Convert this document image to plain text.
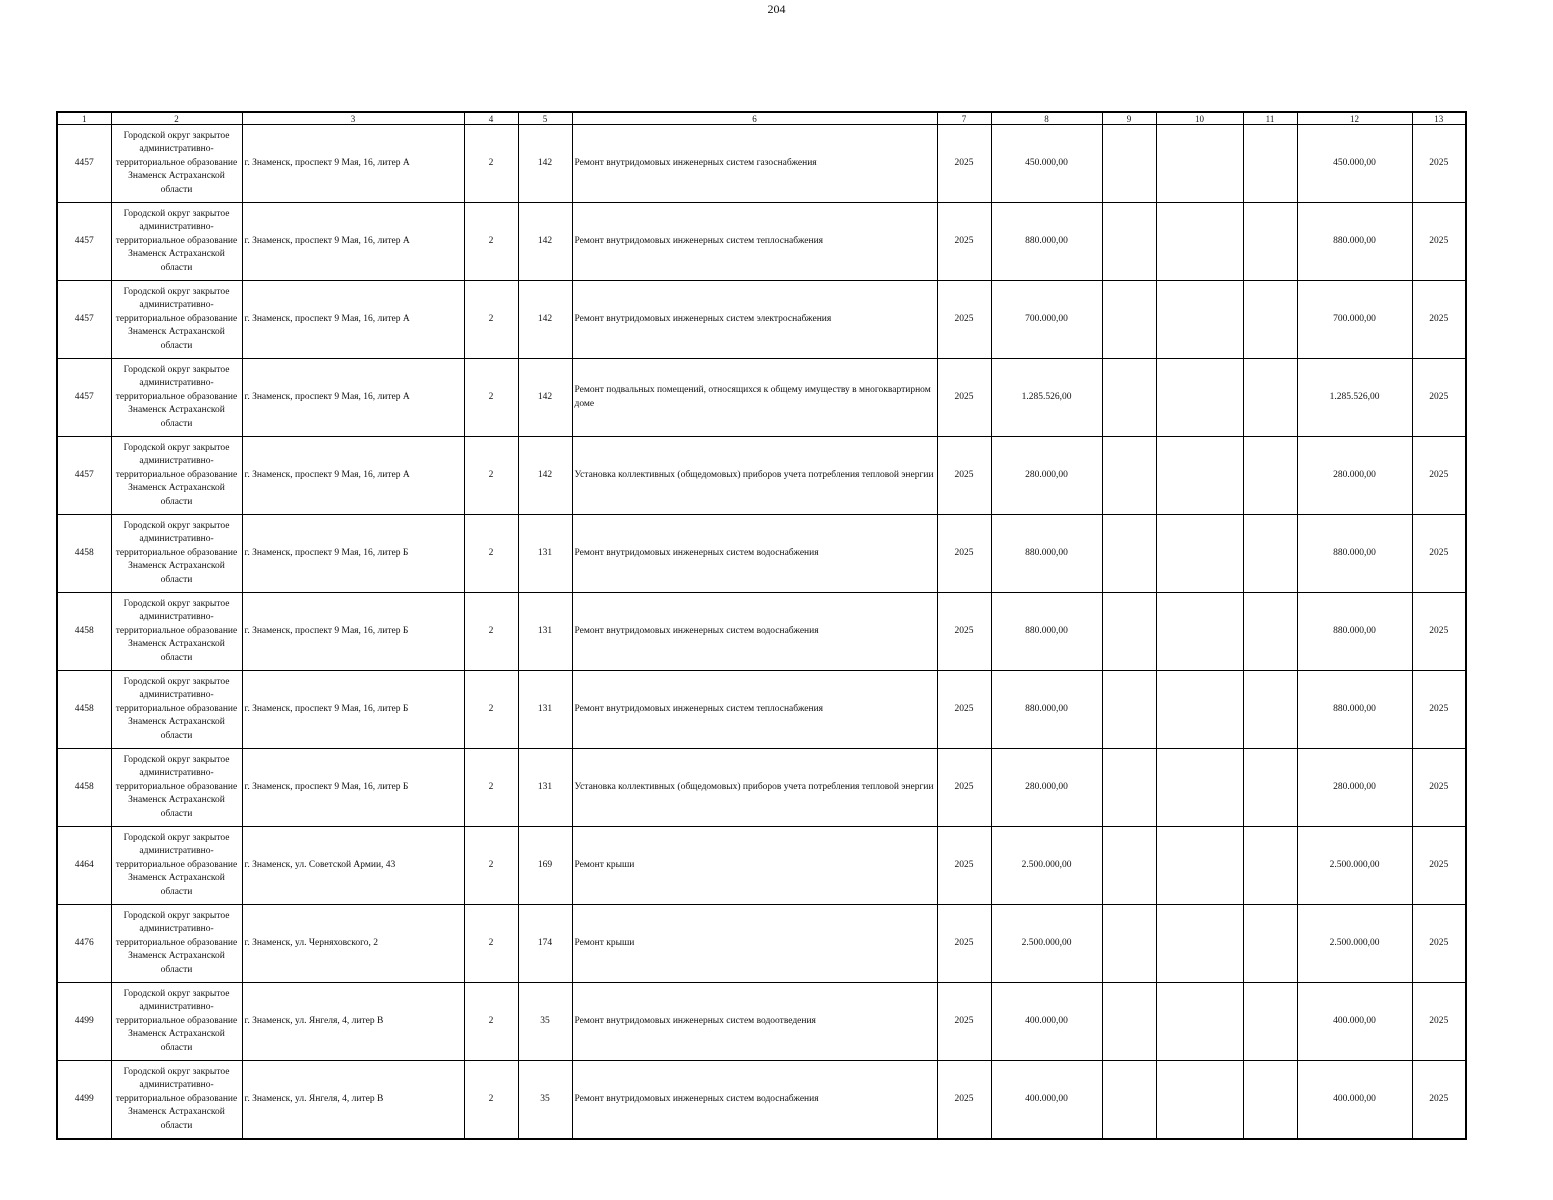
204
1	2	3	4	5	6	7	8	9	10	11	12	13
4457	Городской округ закрытое административно-территориальное образование Знаменск Астраханской области	г. Знаменск, проспект 9 Мая, 16, литер А	2	142	Ремонт внутридомовых инженерных систем газоснабжения	2025	450.000,00				450.000,00	2025
4457	Городской округ закрытое административно-территориальное образование Знаменск Астраханской области	г. Знаменск, проспект 9 Мая, 16, литер А	2	142	Ремонт внутридомовых инженерных систем теплоснабжения	2025	880.000,00				880.000,00	2025
4457	Городской округ закрытое административно-территориальное образование Знаменск Астраханской области	г. Знаменск, проспект 9 Мая, 16, литер А	2	142	Ремонт внутридомовых инженерных систем электроснабжения	2025	700.000,00				700.000,00	2025
4457	Городской округ закрытое административно-территориальное образование Знаменск Астраханской области	г. Знаменск, проспект 9 Мая, 16, литер А	2	142	Ремонт подвальных помещений, относящихся к общему имуществу в многоквартирном доме	2025	1.285.526,00				1.285.526,00	2025
4457	Городской округ закрытое административно-территориальное образование Знаменск Астраханской области	г. Знаменск, проспект 9 Мая, 16, литер А	2	142	Установка коллективных (общедомовых) приборов учета потребления тепловой энергии	2025	280.000,00				280.000,00	2025
4458	Городской округ закрытое административно-территориальное образование Знаменск Астраханской области	г. Знаменск, проспект 9 Мая, 16, литер Б	2	131	Ремонт внутридомовых инженерных систем водоснабжения	2025	880.000,00				880.000,00	2025
4458	Городской округ закрытое административно-территориальное образование Знаменск Астраханской области	г. Знаменск, проспект 9 Мая, 16, литер Б	2	131	Ремонт внутридомовых инженерных систем водоснабжения	2025	880.000,00				880.000,00	2025
4458	Городской округ закрытое административно-территориальное образование Знаменск Астраханской области	г. Знаменск, проспект 9 Мая, 16, литер Б	2	131	Ремонт внутридомовых инженерных систем теплоснабжения	2025	880.000,00				880.000,00	2025
4458	Городской округ закрытое административно-территориальное образование Знаменск Астраханской области	г. Знаменск, проспект 9 Мая, 16, литер Б	2	131	Установка коллективных (общедомовых) приборов учета потребления тепловой энергии	2025	280.000,00				280.000,00	2025
4464	Городской округ закрытое административно-территориальное образование Знаменск Астраханской области	г. Знаменск, ул. Советской Армии, 43	2	169	Ремонт крыши	2025	2.500.000,00				2.500.000,00	2025
4476	Городской округ закрытое административно-территориальное образование Знаменск Астраханской области	г. Знаменск, ул. Черняховского, 2	2	174	Ремонт крыши	2025	2.500.000,00				2.500.000,00	2025
4499	Городской округ закрытое административно-территориальное образование Знаменск Астраханской области	г. Знаменск, ул. Янгеля, 4, литер В	2	35	Ремонт внутридомовых инженерных систем водоотведения	2025	400.000,00				400.000,00	2025
4499	Городской округ закрытое административно-территориальное образование Знаменск Астраханской области	г. Знаменск, ул. Янгеля, 4, литер В	2	35	Ремонт внутридомовых инженерных систем водоснабжения	2025	400.000,00				400.000,00	2025
